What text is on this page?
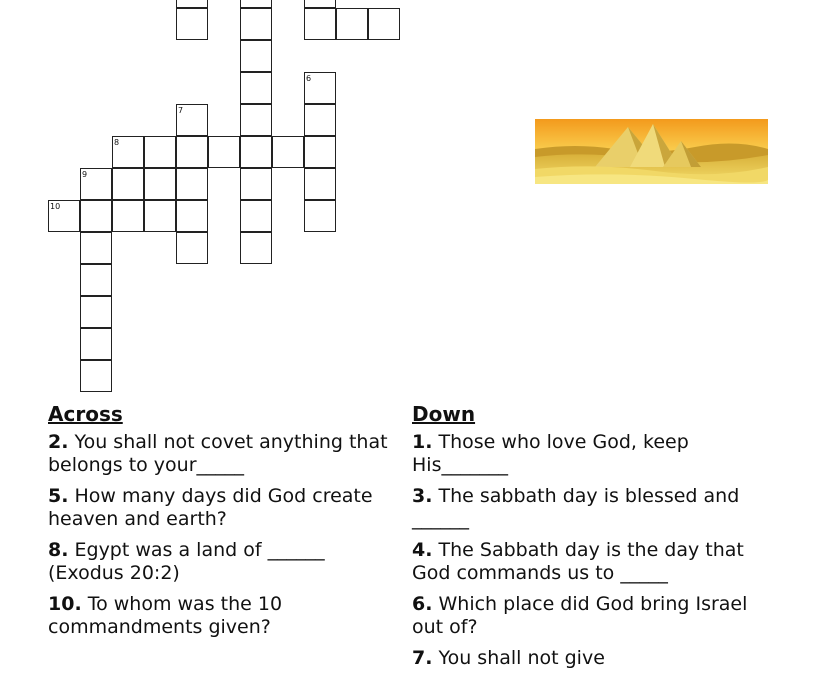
6
7
8
9
10
Across
2. You shall not covet anything that belongs to your_____
5. How many days did God create heaven and earth?
8. Egypt was a land of ______ (Exodus 20:2)
10. To whom was the 10 commandments given?
Down
1. Those who love God, keep His_______
3. The sabbath day is blessed and ______
4. The Sabbath day is the day that God commands us to _____
6. Which place did God bring Israel out of?
7. You shall not give
